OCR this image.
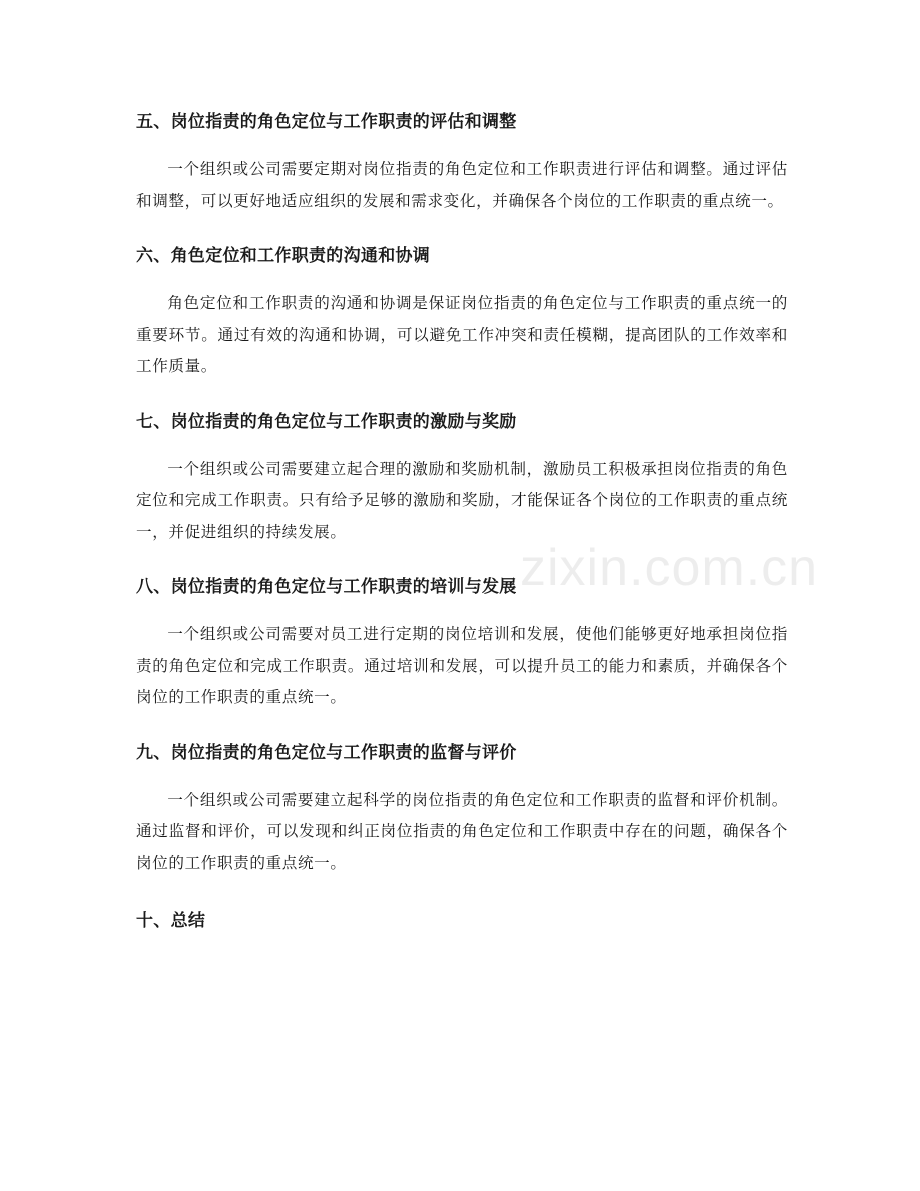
五、岗位指责的角色定位与工作职责的评估和调整

一个组织或公司需要定期对岗位指责的角色定位和工作职责进行评估和调整。通过评估和调整，可以更好地适应组织的发展和需求变化，并确保各个岗位的工作职责的重点统一。

六、角色定位和工作职责的沟通和协调

角色定位和工作职责的沟通和协调是保证岗位指责的角色定位与工作职责的重点统一的重要环节。通过有效的沟通和协调，可以避免工作冲突和责任模糊，提高团队的工作效率和工作质量。

七、岗位指责的角色定位与工作职责的激励与奖励

一个组织或公司需要建立起合理的激励和奖励机制，激励员工积极承担岗位指责的角色定位和完成工作职责。只有给予足够的激励和奖励，才能保证各个岗位的工作职责的重点统一，并促进组织的持续发展。

八、岗位指责的角色定位与工作职责的培训与发展

一个组织或公司需要对员工进行定期的岗位培训和发展，使他们能够更好地承担岗位指责的角色定位和完成工作职责。通过培训和发展，可以提升员工的能力和素质，并确保各个岗位的工作职责的重点统一。

九、岗位指责的角色定位与工作职责的监督与评价

一个组织或公司需要建立起科学的岗位指责的角色定位和工作职责的监督和评价机制。通过监督和评价，可以发现和纠正岗位指责的角色定位和工作职责中存在的问题，确保各个岗位的工作职责的重点统一。

十、总结
zixin.com.cn
